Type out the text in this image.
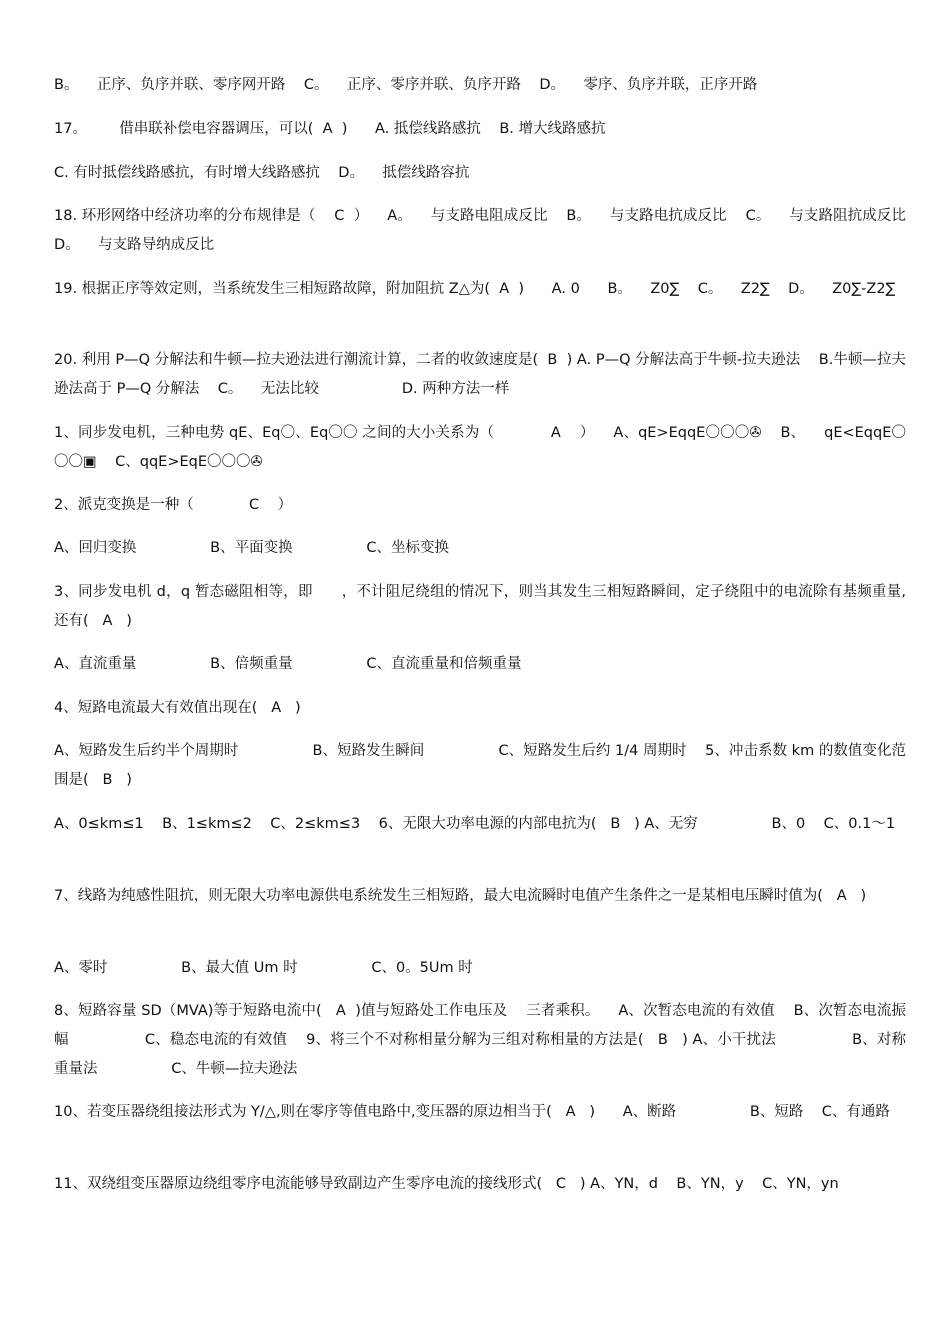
B。    正序、负序并联、零序网开路    C。    正序、零序并联、负序开路    D。    零序、负序并联，正序开路
17。       借串联补偿电容器调压，可以(  A  )      A. 抵偿线路感抗    B. 增大线路感抗
C. 有时抵偿线路感抗，有时增大线路感抗    D。    抵偿线路容抗
18. 环形网络中经济功率的分布规律是（    C  ）    A。    与支路电阻成反比    B。    与支路电抗成反比    C。    与支路阻抗成反比    D。    与支路导纳成反比
19. 根据正序等效定则，当系统发生三相短路故障，附加阻抗 Z△为(  A  )      A. 0      B。    Z0∑    C。    Z2∑    D。    Z0∑-Z2∑
20. 利用 P—Q 分解法和牛顿—拉夫逊法进行潮流计算，二者的收敛速度是(  B  ) A. P—Q 分解法高于牛顿-拉夫逊法    B.牛顿—拉夫逊法高于 P—Q 分解法    C。    无法比较                  D. 两种方法一样
1、同步发电机，三种电势 qE、Eq〇、Eq〇〇 之间的大小关系为（            A    ）    A、qE>EqqE〇〇〇✇    B、    qE<EqqE〇〇〇▣    C、qqE>EqE〇〇〇✇
2、派克变换是一种（            C    ）
A、回归变换                B、平面变换                C、坐标变换
3、同步发电机 d，q 暂态磁阻相等，即      ，不计阻尼绕组的情况下，则当其发生三相短路瞬间，定子绕阻中的电流除有基频重量,还有(   A   )
A、直流重量                B、倍频重量                C、直流重量和倍频重量
4、短路电流最大有效值出现在(   A   )
A、短路发生后约半个周期时                B、短路发生瞬间                C、短路发生后约 1/4 周期时    5、冲击系数 km 的数值变化范围是(   B   )
A、0≤km≤1    B、1≤km≤2    C、2≤km≤3    6、无限大功率电源的内部电抗为(   B   ) A、无穷                B、0    C、0.1～1
7、线路为纯感性阻抗，则无限大功率电源供电系统发生三相短路，最大电流瞬时电值产生条件之一是某相电压瞬时值为(   A   )
A、零时                B、最大值 Um 时                C、0。5Um 时
8、短路容量 SD（MVA)等于短路电流中(   A  )值与短路处工作电压及    三者乘积。    A、次暂态电流的有效值    B、次暂态电流振幅                C、稳态电流的有效值    9、将三个不对称相量分解为三组对称相量的方法是(   B   ) A、小干扰法                B、对称重量法                C、牛顿—拉夫逊法
10、若变压器绕组接法形式为 Y/△,则在零序等值电路中,变压器的原边相当于(   A   )      A、断路                B、短路    C、有通路
11、双绕组变压器原边绕组零序电流能够导致副边产生零序电流的接线形式(   C   ) A、YN，d    B、YN，y    C、YN，yn
